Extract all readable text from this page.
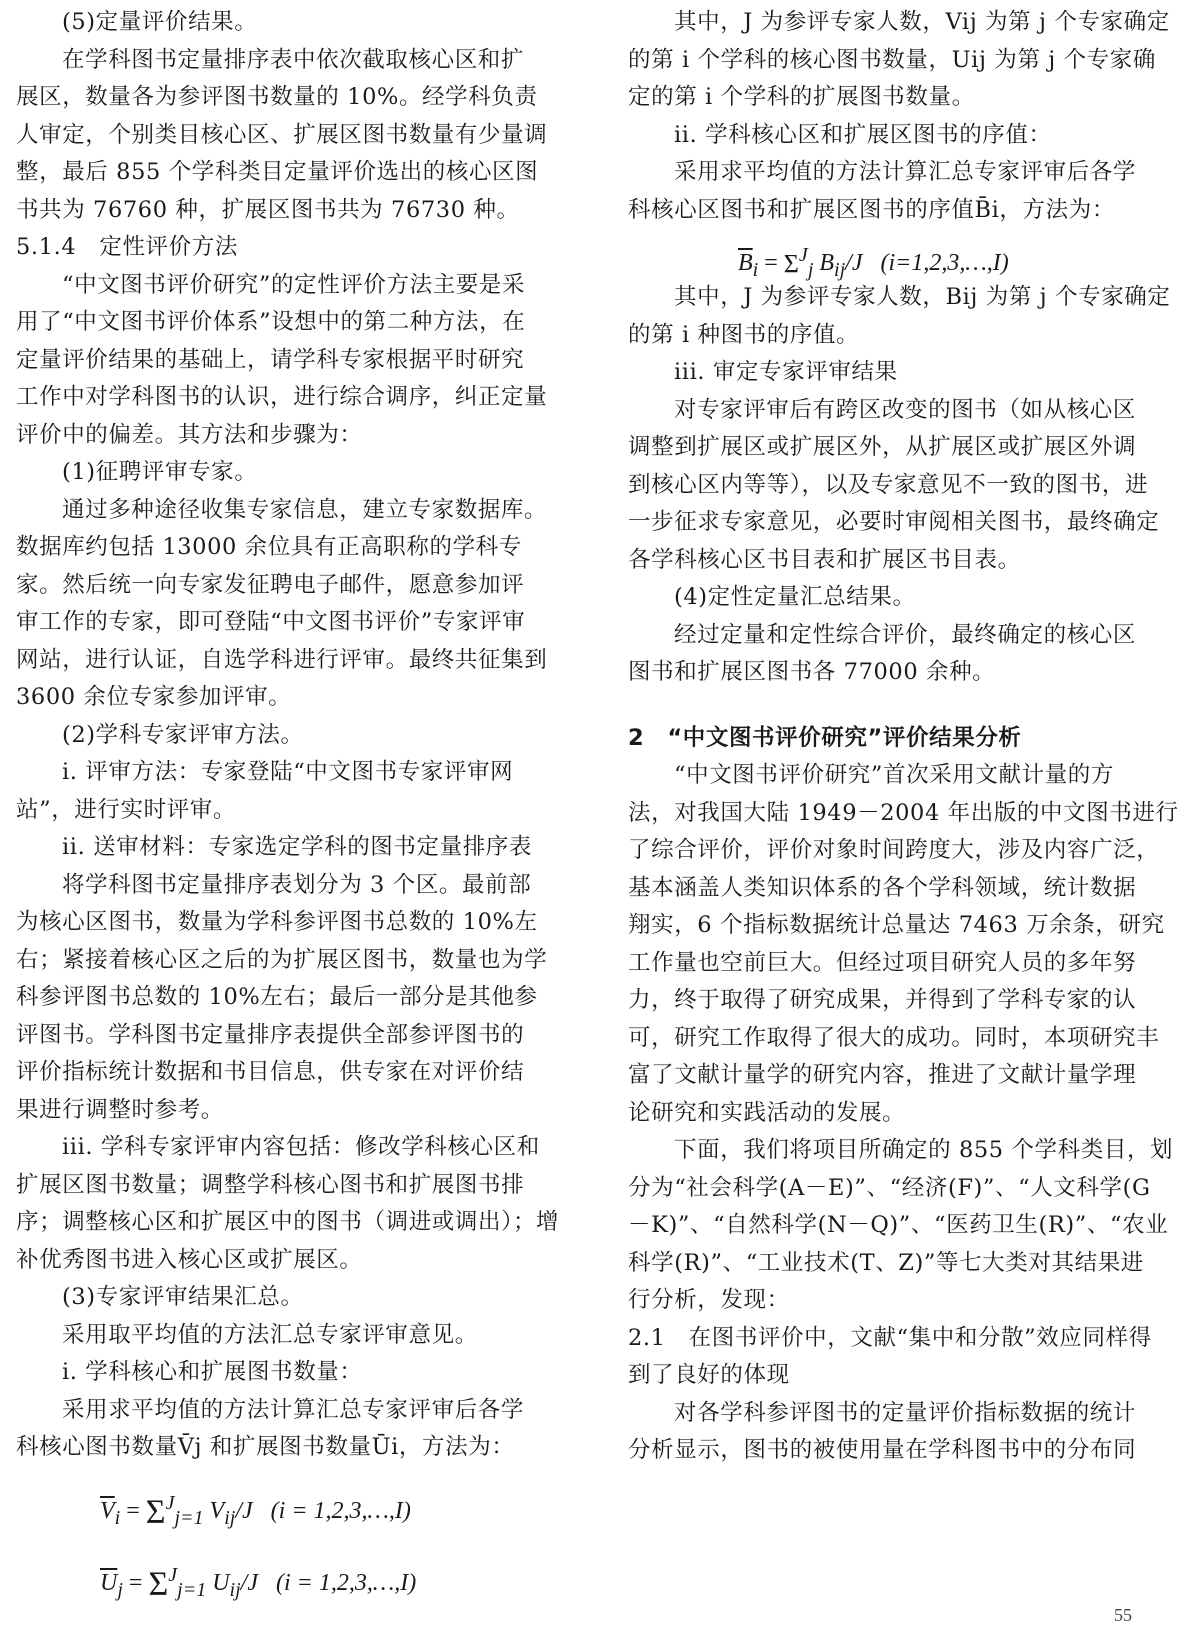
(5)定量评价结果。
在学科图书定量排序表中依次截取核心区和扩
展区，数量各为参评图书数量的 10%。经学科负责
人审定，个别类目核心区、扩展区图书数量有少量调
整，最后 855 个学科类目定量评价选出的核心区图
书共为 76760 种，扩展区图书共为 76730 种。
5.1.4　定性评价方法
“中文图书评价研究”的定性评价方法主要是采
用了“中文图书评价体系”设想中的第二种方法，在
定量评价结果的基础上，请学科专家根据平时研究
工作中对学科图书的认识，进行综合调序，纠正定量
评价中的偏差。其方法和步骤为：
(1)征聘评审专家。
通过多种途径收集专家信息，建立专家数据库。
数据库约包括 13000 余位具有正高职称的学科专
家。然后统一向专家发征聘电子邮件，愿意参加评
审工作的专家，即可登陆“中文图书评价”专家评审
网站，进行认证，自选学科进行评审。最终共征集到
3600 余位专家参加评审。
(2)学科专家评审方法。
i. 评审方法：专家登陆“中文图书专家评审网
站”，进行实时评审。
ii. 送审材料：专家选定学科的图书定量排序表
将学科图书定量排序表划分为 3 个区。最前部
为核心区图书，数量为学科参评图书总数的 10%左
右；紧接着核心区之后的为扩展区图书，数量也为学
科参评图书总数的 10%左右；最后一部分是其他参
评图书。学科图书定量排序表提供全部参评图书的
评价指标统计数据和书目信息，供专家在对评价结
果进行调整时参考。
iii. 学科专家评审内容包括：修改学科核心区和
扩展区图书数量；调整学科核心图书和扩展图书排
序；调整核心区和扩展区中的图书（调进或调出）；增
补优秀图书进入核心区或扩展区。
(3)专家评审结果汇总。
采用取平均值的方法汇总专家评审意见。
i. 学科核心和扩展图书数量：
采用求平均值的方法计算汇总专家评审后各学
科核心图书数量V̄j 和扩展图书数量Ūi，方法为：
$\overline{V}_i = \Sigma^J_{j=1}$ $V_{ij}/J$ (i = 1,2,3,…,I)
$\overline{U}_j = \Sigma^J_{j=1}$ $U_{ij}/J$ (i = 1,2,3,…,I)
其中，J 为参评专家人数，Vij 为第 j 个专家确定
的第 i 个学科的核心图书数量，Uij 为第 j 个专家确
定的第 i 个学科的扩展图书数量。
ii. 学科核心区和扩展区图书的序值：
采用求平均值的方法计算汇总专家评审后各学
科核心区图书和扩展区图书的序值B̄i，方法为：
$\overline{B}_i = \Sigma^J_j$ $B_{ij}/J$ (i=1,2,3,…,I)
其中，J 为参评专家人数，Bij 为第 j 个专家确定
的第 i 种图书的序值。
iii. 审定专家评审结果
对专家评审后有跨区改变的图书（如从核心区
调整到扩展区或扩展区外，从扩展区或扩展区外调
到核心区内等等），以及专家意见不一致的图书，进
一步征求专家意见，必要时审阅相关图书，最终确定
各学科核心区书目表和扩展区书目表。
(4)定性定量汇总结果。
经过定量和定性综合评价，最终确定的核心区
图书和扩展区图书各 77000 余种。
2　“中文图书评价研究”评价结果分析
“中文图书评价研究”首次采用文献计量的方
法，对我国大陆 1949－2004 年出版的中文图书进行
了综合评价，评价对象时间跨度大，涉及内容广泛，
基本涵盖人类知识体系的各个学科领域，统计数据
翔实，6 个指标数据统计总量达 7463 万余条，研究
工作量也空前巨大。但经过项目研究人员的多年努
力，终于取得了研究成果，并得到了学科专家的认
可，研究工作取得了很大的成功。同时，本项研究丰
富了文献计量学的研究内容，推进了文献计量学理
论研究和实践活动的发展。
下面，我们将项目所确定的 855 个学科类目，划
分为“社会科学(A－E)”、“经济(F)”、“人文科学(G
－K)”、“自然科学(N－Q)”、“医药卫生(R)”、“农业
科学(R)”、“工业技术(T、Z)”等七大类对其结果进
行分析，发现：
2.1　在图书评价中，文献“集中和分散”效应同样得
到了良好的体现
对各学科参评图书的定量评价指标数据的统计
分析显示，图书的被使用量在学科图书中的分布同
55
